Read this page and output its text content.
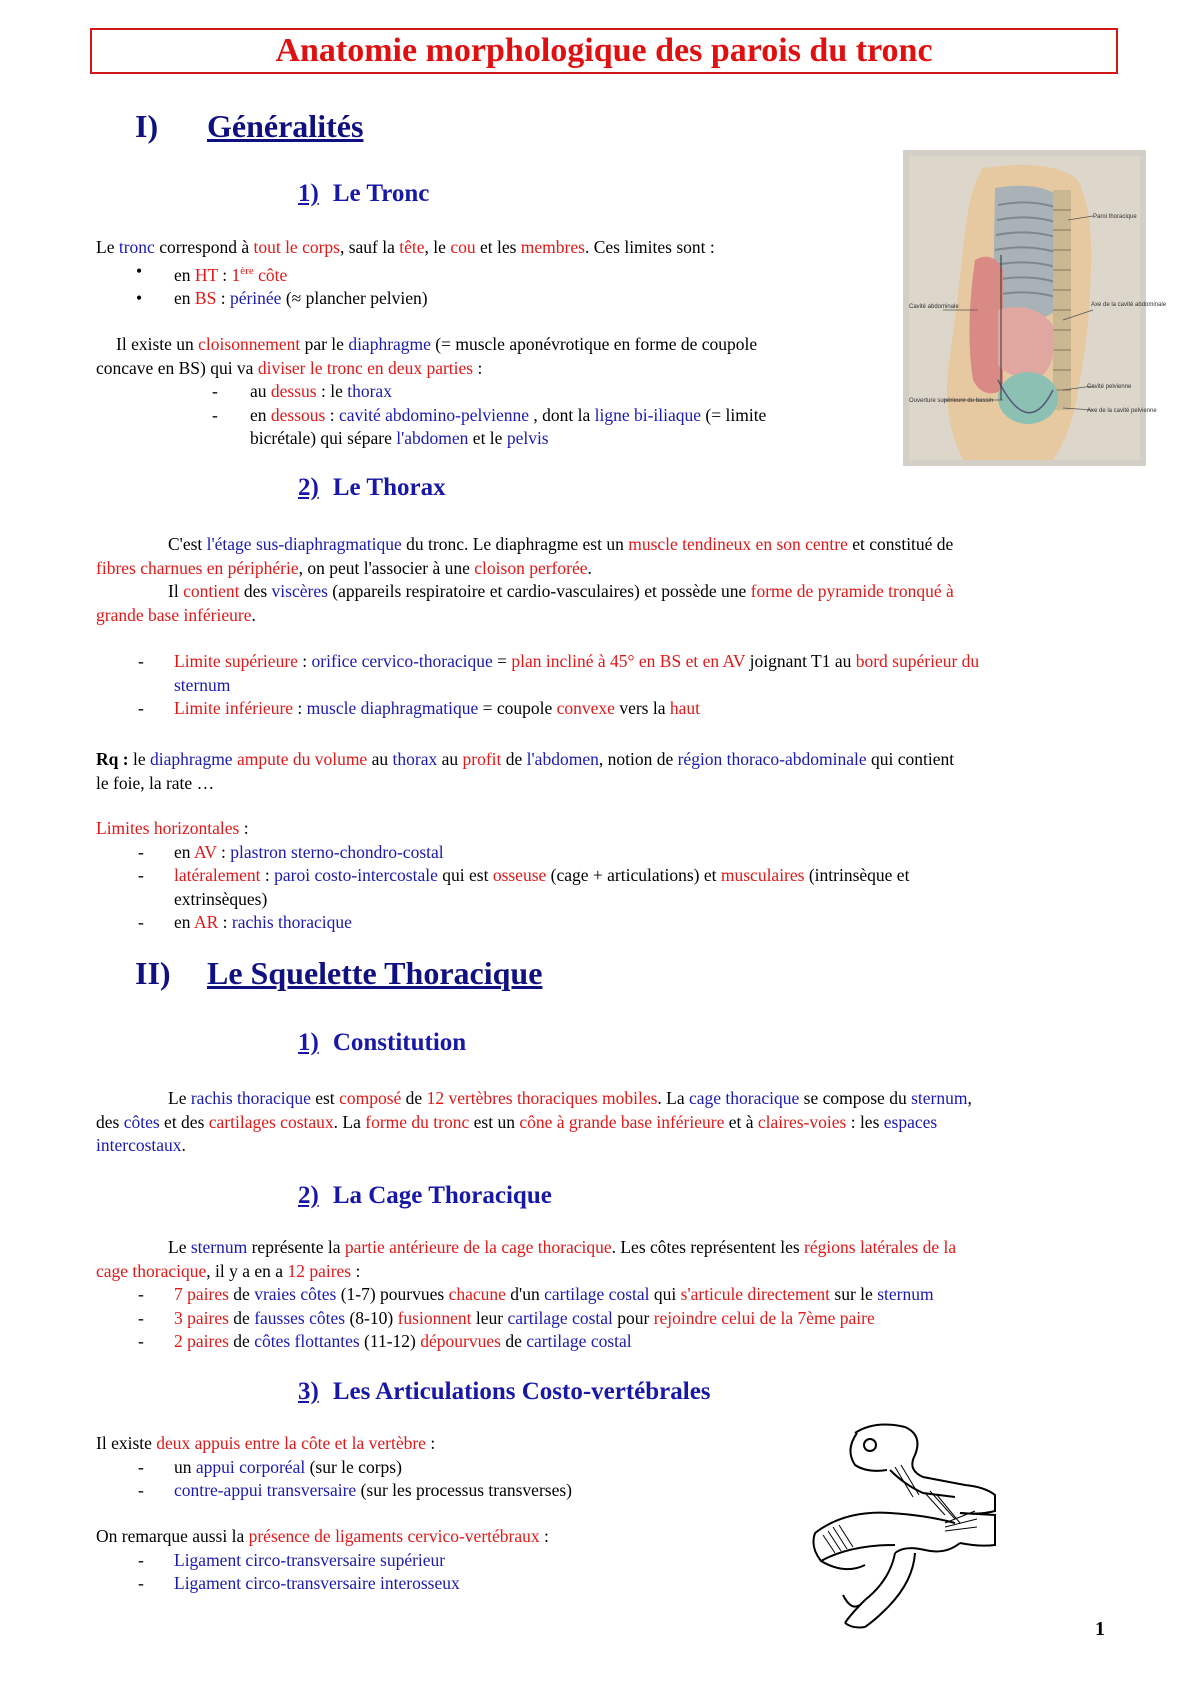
Anatomie morphologique des parois du tronc
I) Généralités
1) Le Tronc
Le tronc correspond à tout le corps, sauf la tête, le cou et les membres. Ces limites sont :
• en HT : 1ère côte
• en BS : périnée (≈ plancher pelvien)
Il existe un cloisonnement par le diaphragme (= muscle aponévrotique en forme de coupole
concave en BS) qui va diviser le tronc en deux parties :
- au dessus : le thorax
- en dessous : cavité abdomino-pelvienne , dont la ligne bi-iliaque (= limite
bicrétale) qui sépare l'abdomen et le pelvis
Paroi thoracique
Axe de la cavité abdominale
Cavité pelvienne
Axe de la cavité pelvienne
Cavité abdominale
Ouverture supérieure du bassin
2) Le Thorax
C'est l'étage sus-diaphragmatique du tronc. Le diaphragme est un muscle tendineux en son centre et constitué de
fibres charnues en périphérie, on peut l'associer à une cloison perforée.
Il contient des viscères (appareils respiratoire et cardio-vasculaires) et possède une forme de pyramide tronqué à
grande base inférieure.
- Limite supérieure : orifice cervico-thoracique = plan incliné à 45° en BS et en AV joignant T1 au bord supérieur du
sternum
- Limite inférieure : muscle diaphragmatique = coupole convexe vers la haut
Rq : le diaphragme ampute du volume au thorax au profit de l'abdomen, notion de région thoraco-abdominale qui contient
le foie, la rate …
Limites horizontales :
- en AV : plastron sterno-chondro-costal
- latéralement : paroi costo-intercostale qui est osseuse (cage + articulations) et musculaires (intrinsèque et
extrinsèques)
- en AR : rachis thoracique
II) Le Squelette Thoracique
1) Constitution
Le rachis thoracique est composé de 12 vertèbres thoraciques mobiles. La cage thoracique se compose du sternum,
des côtes et des cartilages costaux. La forme du tronc est un cône à grande base inférieure et à claires-voies : les espaces
intercostaux.
2) La Cage Thoracique
Le sternum représente la partie antérieure de la cage thoracique. Les côtes représentent les régions latérales de la
cage thoracique, il y a en a 12 paires :
- 7 paires de vraies côtes (1-7) pourvues chacune d'un cartilage costal qui s'articule directement sur le sternum
- 3 paires de fausses côtes (8-10) fusionnent leur cartilage costal pour rejoindre celui de la 7ème paire
- 2 paires de côtes flottantes (11-12) dépourvues de cartilage costal
3) Les Articulations Costo-vertébrales
Il existe deux appuis entre la côte et la vertèbre :
- un appui corporéal (sur le corps)
- contre-appui transversaire (sur les processus transverses)
On remarque aussi la présence de ligaments cervico-vertébraux :
- Ligament circo-transversaire supérieur
- Ligament circo-transversaire interosseux
1
